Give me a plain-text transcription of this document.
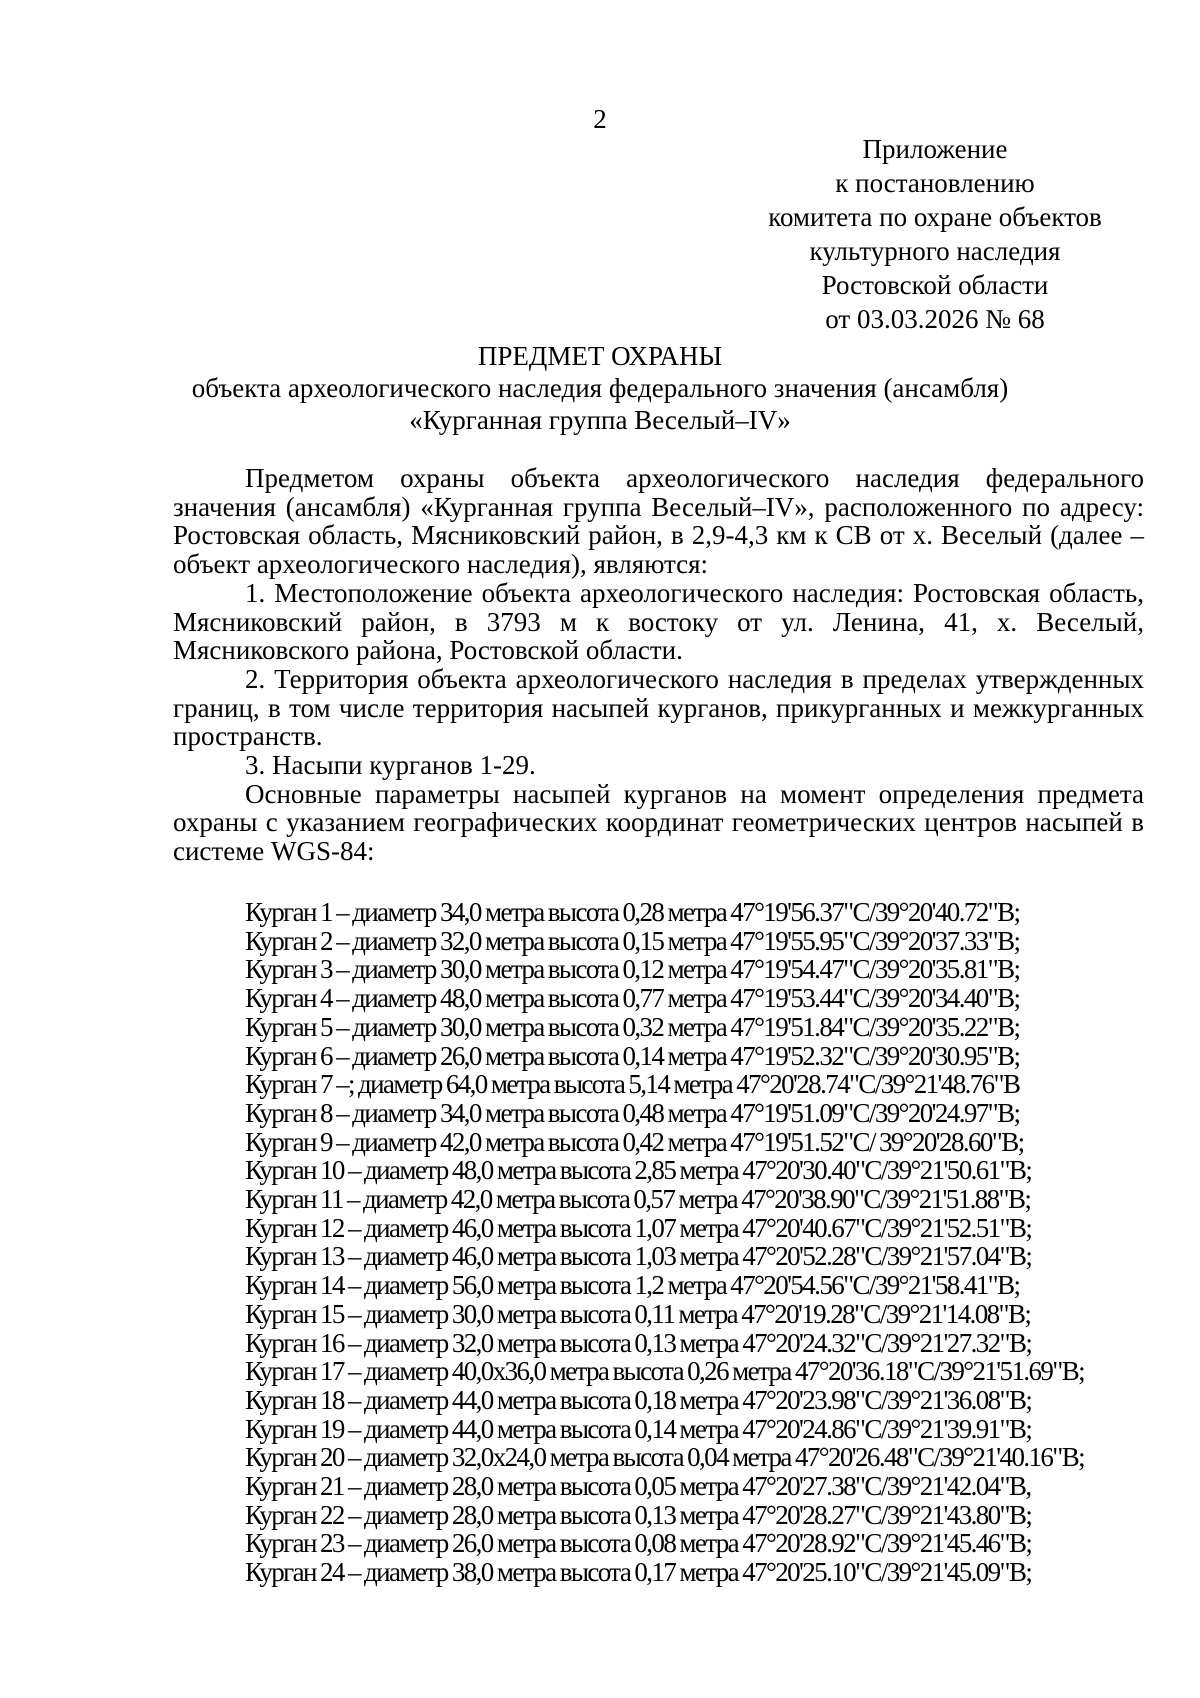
2
Приложение
к постановлению
комитета по охране объектов
культурного наследия
Ростовской области
от 03.03.2026 № 68
ПРЕДМЕТ ОХРАНЫ
объекта археологического наследия федерального значения (ансамбля)
«Курганная группа Веселый–IV»

Предметом охраны объекта археологического наследия федерального значения (ансамбля) «Курганная группа Веселый–IV», расположенного по адресу: Ростовская область, Мясниковский район, в 2,9-4,3 км к СВ от х. Веселый (далее – объект археологического наследия), являются:

1. Местоположение объекта археологического наследия: Ростовская область, Мясниковский район, в 3793 м к востоку от ул. Ленина, 41, х. Веселый, Мясниковского района, Ростовской области.

2. Территория объекта археологического наследия в пределах утвержденных границ, в том числе территория насыпей курганов, прикурганных и межкурганных пространств.

3. Насыпи курганов 1-29.

Основные параметры насыпей курганов на момент определения предмета охраны с указанием географических координат геометрических центров насыпей в системе WGS-84:

Курган 1 – диаметр 34,0 метра высота 0,28 метра 47°19'56.37"С/39°20'40.72"В;
Курган 2 – диаметр 32,0 метра высота 0,15 метра 47°19'55.95"С/39°20'37.33"В;
Курган 3 – диаметр 30,0 метра высота 0,12 метра 47°19'54.47"С/39°20'35.81"В;
Курган 4 – диаметр 48,0 метра высота 0,77 метра 47°19'53.44"С/39°20'34.40"В;
Курган 5 – диаметр 30,0 метра высота 0,32 метра 47°19'51.84"С/39°20'35.22"В;
Курган 6 – диаметр 26,0 метра высота 0,14 метра 47°19'52.32"С/39°20'30.95"В;
Курган 7 –; диаметр 64,0 метра высота 5,14 метра 47°20'28.74"С/39°21'48.76"В
Курган 8 – диаметр 34,0 метра высота 0,48 метра 47°19'51.09"С/39°20'24.97"В;
Курган 9 – диаметр 42,0 метра высота 0,42 метра 47°19'51.52"С/ 39°20'28.60"В;
Курган 10 – диаметр 48,0 метра высота 2,85 метра 47°20'30.40"С/39°21'50.61"В;
Курган 11 – диаметр 42,0 метра высота 0,57 метра 47°20'38.90"С/39°21'51.88"В;
Курган 12 – диаметр 46,0 метра высота 1,07 метра 47°20'40.67"С/39°21'52.51"В;
Курган 13 – диаметр 46,0 метра высота 1,03 метра 47°20'52.28"С/39°21'57.04"В;
Курган 14 – диаметр 56,0 метра высота 1,2 метра 47°20'54.56"С/39°21'58.41"В;
Курган 15 – диаметр 30,0 метра высота 0,11 метра 47°20'19.28"С/39°21'14.08"В;
Курган 16 – диаметр 32,0 метра высота 0,13 метра 47°20'24.32"С/39°21'27.32"В;
Курган 17 – диаметр 40,0х36,0 метра высота 0,26 метра 47°20'36.18"С/39°21'51.69"В;
Курган 18 – диаметр 44,0 метра высота 0,18 метра 47°20'23.98"С/39°21'36.08"В;
Курган 19 – диаметр 44,0 метра высота 0,14 метра 47°20'24.86"С/39°21'39.91"В;
Курган 20 – диаметр 32,0х24,0 метра высота 0,04 метра 47°20'26.48"С/39°21'40.16"В;
Курган 21 – диаметр 28,0 метра высота 0,05 метра 47°20'27.38"С/39°21'42.04"В,
Курган 22 – диаметр 28,0 метра высота 0,13 метра 47°20'28.27"С/39°21'43.80"В;
Курган 23 – диаметр 26,0 метра высота 0,08 метра 47°20'28.92"С/39°21'45.46"В;
Курган 24 – диаметр 38,0 метра высота 0,17 метра 47°20'25.10"С/39°21'45.09"В;
